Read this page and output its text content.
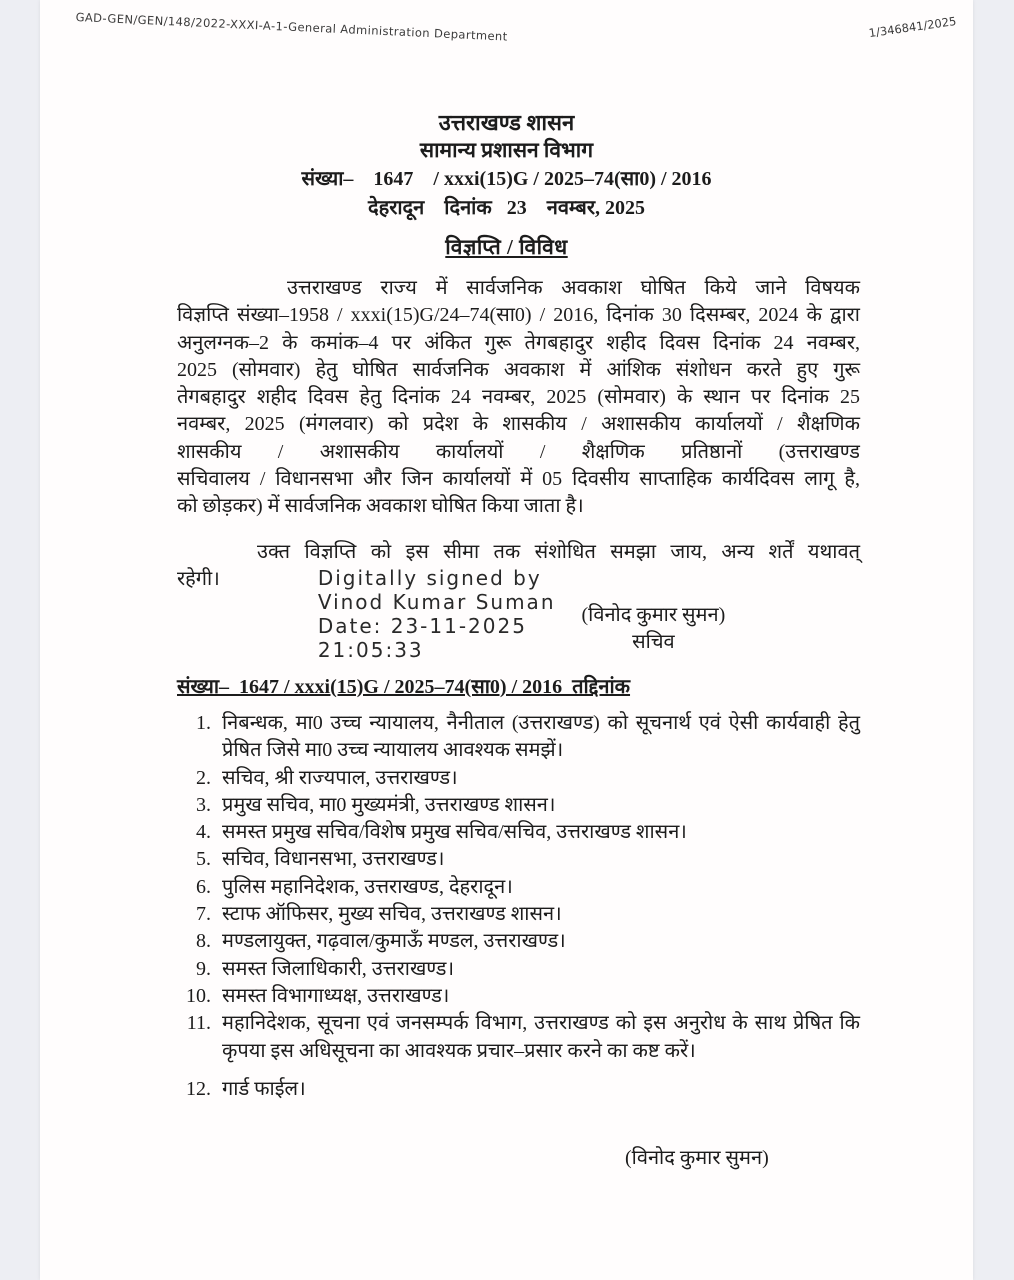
GAD-GEN/GEN/148/2022-XXXI-A-1-General Administration Department	1/346841/2025
उत्तराखण्ड शासन
सामान्य प्रशासन विभाग
संख्या–    1647    / xxxi(15)G / 2025–74(सा0) / 2016
देहरादून    दिनांक   23    नवम्बर, 2025
विज्ञप्ति / विविध
उत्तराखण्ड राज्य में सार्वजनिक अवकाश घोषित किये जाने विषयक
विज्ञप्ति संख्या–1958 / xxxi(15)G/24–74(सा0) / 2016, दिनांक 30 दिसम्बर, 2024 के द्वारा
अनुलग्नक–2 के कमांक–4 पर अंकित गुरू तेगबहादुर शहीद दिवस दिनांक 24 नवम्बर,
2025 (सोमवार) हेतु घोषित सार्वजनिक अवकाश में आंशिक संशोधन करते हुए गुरू
तेगबहादुर शहीद दिवस हेतु दिनांक 24 नवम्बर, 2025 (सोमवार) के स्थान पर दिनांक 25
नवम्बर, 2025 (मंगलवार) को प्रदेश के शासकीय / अशासकीय कार्यालयों / शैक्षणिक
शासकीय / अशासकीय कार्यालयों / शैक्षणिक प्रतिष्ठानों (उत्तराखण्ड
सचिवालय / विधानसभा और जिन कार्यालयों में 05 दिवसीय साप्ताहिक कार्यदिवस लागू है,
को छोड़कर) में सार्वजनिक अवकाश घोषित किया जाता है।
उक्त विज्ञप्ति को इस सीमा तक संशोधित समझा जाय, अन्य शर्तें यथावत्
रहेगी।	Digitally signed by
Vinod Kumar Suman
Date: 23-11-2025
21:05:33
(विनोद कुमार सुमन)
सचिव
संख्या–  1647 / xxxi(15)G / 2025–74(सा0) / 2016  तद्दिनांक
1. निबन्धक, मा0 उच्च न्यायालय, नैनीताल (उत्तराखण्ड) को सूचनार्थ एवं ऐसी कार्यवाही हेतु प्रेषित जिसे मा0 उच्च न्यायालय आवश्यक समझें।
2. सचिव, श्री राज्यपाल, उत्तराखण्ड।
3. प्रमुख सचिव, मा0 मुख्यमंत्री, उत्तराखण्ड शासन।
4. समस्त प्रमुख सचिव/विशेष प्रमुख सचिव/सचिव, उत्तराखण्ड शासन।
5. सचिव, विधानसभा, उत्तराखण्ड।
6. पुलिस महानिदेशक, उत्तराखण्ड, देहरादून।
7. स्टाफ ऑफिसर, मुख्य सचिव, उत्तराखण्ड शासन।
8. मण्डलायुक्त, गढ़वाल/कुमाऊँ मण्डल, उत्तराखण्ड।
9. समस्त जिलाधिकारी, उत्तराखण्ड।
10. समस्त विभागाध्यक्ष, उत्तराखण्ड।
11. महानिदेशक, सूचना एवं जनसम्पर्क विभाग, उत्तराखण्ड को इस अनुरोध के साथ प्रेषित कि कृपया इस अधिसूचना का आवश्यक प्रचार–प्रसार करने का कष्ट करें।
12. गार्ड फाईल।
(विनोद कुमार सुमन)
